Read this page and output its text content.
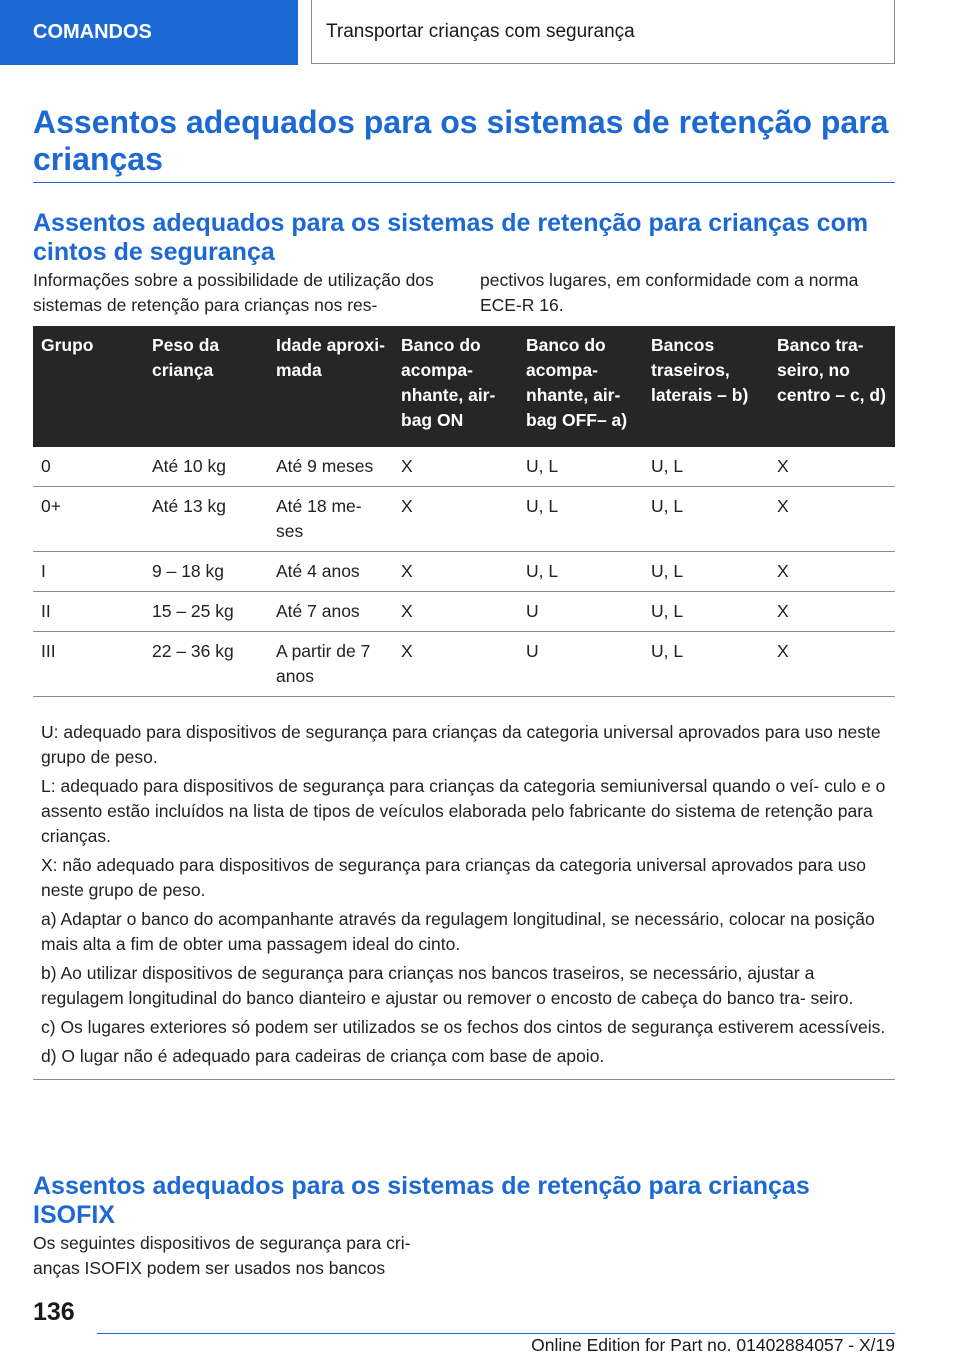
COMANDOS	Transportar crianças com segurança
Assentos adequados para os sistemas de retenção para crianças
Assentos adequados para os sistemas de retenção para crianças com cintos de segurança

Informações sobre a possibilidade de utilização dos sistemas de retenção para crianças nos res‐

pectivos lugares, em conformidade com a norma ECE-R 16.

Grupo	Peso da criança	Idade aproxi‐ mada	Banco do acompa‐ nhante, air‐ bag ON	Banco do acompa‐ nhante, air‐ bag OFF– a)	Bancos traseiros, laterais – b)	Banco tra‐ seiro, no centro – c, d)
0	Até 10 kg	Até 9 meses	X	U, L	U, L	X
0+	Até 13 kg	Até 18 me‐ ses	X	U, L	U, L	X
I	9 – 18 kg	Até 4 anos	X	U, L	U, L	X
II	15 – 25 kg	Até 7 anos	X	U	U, L	X
III	22 – 36 kg	A partir de 7 anos	X	U	U, L	X

U: adequado para dispositivos de segurança para crianças da categoria universal aprovados para uso neste grupo de peso.

L: adequado para dispositivos de segurança para crianças da categoria semiuniversal quando o veí‐ culo e o assento estão incluídos na lista de tipos de veículos elaborada pelo fabricante do sistema de retenção para crianças.

X: não adequado para dispositivos de segurança para crianças da categoria universal aprovados para uso neste grupo de peso.

a) Adaptar o banco do acompanhante através da regulagem longitudinal, se necessário, colocar na posição mais alta a fim de obter uma passagem ideal do cinto.

b) Ao utilizar dispositivos de segurança para crianças nos bancos traseiros, se necessário, ajustar a regulagem longitudinal do banco dianteiro e ajustar ou remover o encosto de cabeça do banco tra‐ seiro.

c) Os lugares exteriores só podem ser utilizados se os fechos dos cintos de segurança estiverem acessíveis.

d) O lugar não é adequado para cadeiras de criança com base de apoio.

Assentos adequados para os sistemas de retenção para crianças ISOFIX

Os seguintes dispositivos de segurança para cri‐ anças ISOFIX podem ser usados nos bancos

136
Online Edition for Part no. 01402884057 - X/19
